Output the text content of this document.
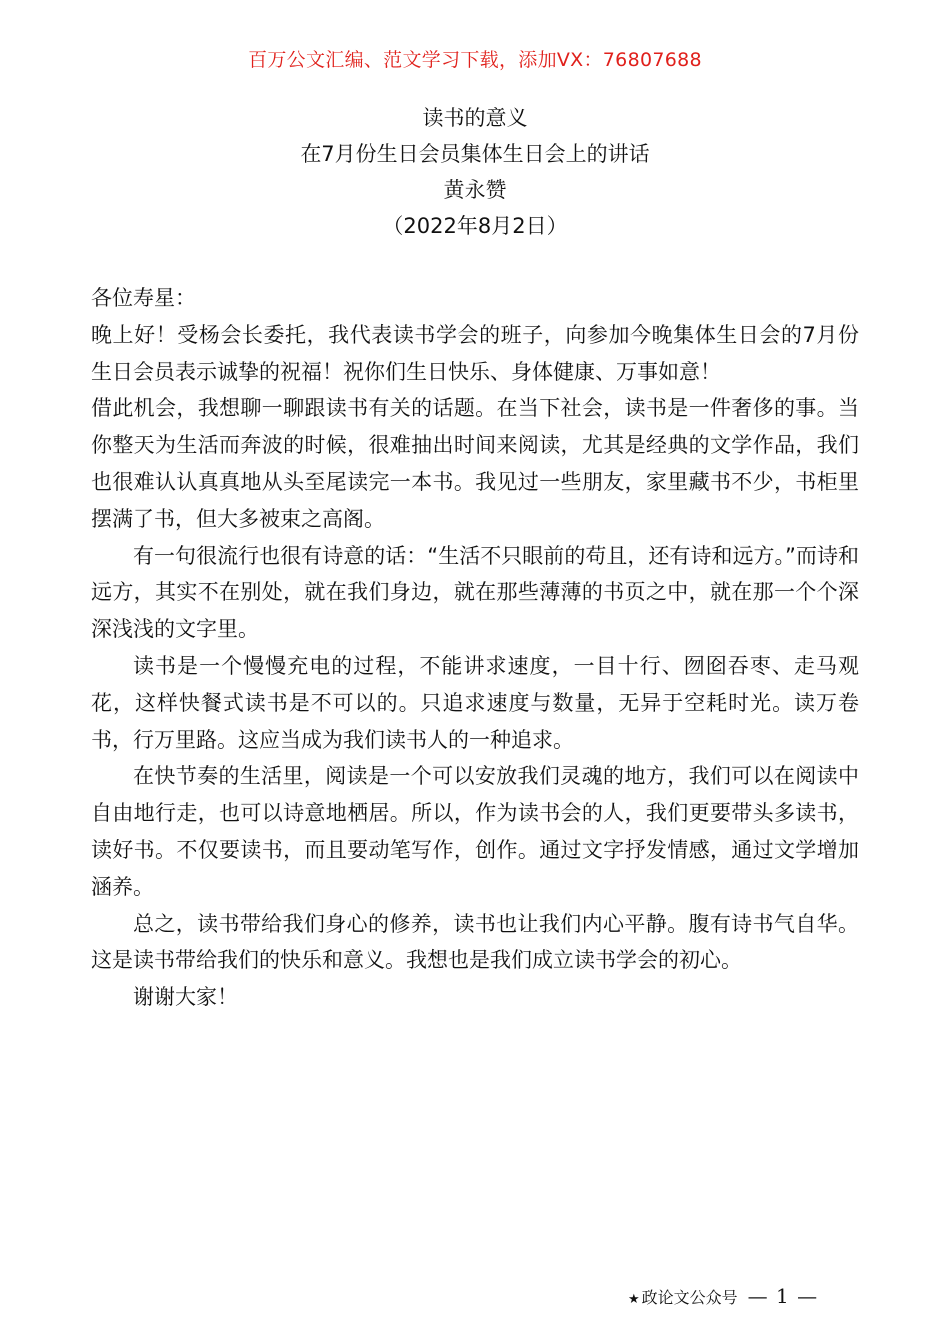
百万公文汇编、范文学习下载，添加VX：76807688
读书的意义
在7月份生日会员集体生日会上的讲话
黄永赞
（2022年8月2日）

各位寿星：

晚上好！受杨会长委托，我代表读书学会的班子，向参加今晚集体生日会的7月份生日会员表示诚挚的祝福！祝你们生日快乐、身体健康、万事如意！

借此机会，我想聊一聊跟读书有关的话题。在当下社会，读书是一件奢侈的事。当你整天为生活而奔波的时候，很难抽出时间来阅读，尤其是经典的文学作品，我们也很难认认真真地从头至尾读完一本书。我见过一些朋友，家里藏书不少，书柜里摆满了书，但大多被束之高阁。

有一句很流行也很有诗意的话：“生活不只眼前的苟且，还有诗和远方。”而诗和远方，其实不在别处，就在我们身边，就在那些薄薄的书页之中，就在那一个个深深浅浅的文字里。

读书是一个慢慢充电的过程，不能讲求速度，一目十行、囫囵吞枣、走马观花，这样快餐式读书是不可以的。只追求速度与数量，无异于空耗时光。读万卷书，行万里路。这应当成为我们读书人的一种追求。

在快节奏的生活里，阅读是一个可以安放我们灵魂的地方，我们可以在阅读中自由地行走，也可以诗意地栖居。所以，作为读书会的人，我们更要带头多读书，读好书。不仅要读书，而且要动笔写作，创作。通过文字抒发情感，通过文学增加涵养。

总之，读书带给我们身心的修养，读书也让我们内心平静。腹有诗书气自华。这是读书带给我们的快乐和意义。我想也是我们成立读书学会的初心。

谢谢大家！

★ 政论文公众号 — 1 —
